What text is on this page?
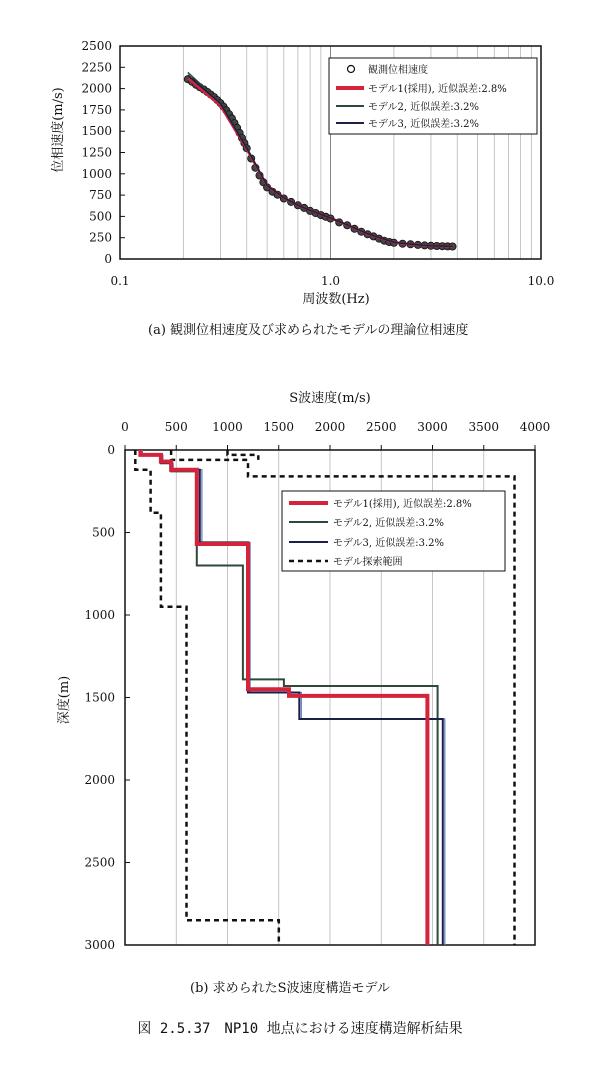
0
250
500
750
1000
1250
1500
1750
2000
2250
2500
0.1	1.0	10.0
位相速度(m/s)
周波数(Hz)
観測位相速度
モデル1(採用), 近似誤差:2.8%
モデル2, 近似誤差:3.2%
モデル3, 近似誤差:3.2%
(a) 観測位相速度及び求められたモデルの理論位相速度
S波速度(m/s)
0	500 1000 1500 2000 2500 3000 3500 4000
0
500
1000
1500
2000
2500
3000
深度(m)
モデル1(採用), 近似誤差:2.8%
モデル2, 近似誤差:3.2%
モデル3, 近似誤差:3.2%
モデル探索範囲
(b) 求められたS波速度構造モデル
図 2.5.37　NP10 地点における速度構造解析結果
